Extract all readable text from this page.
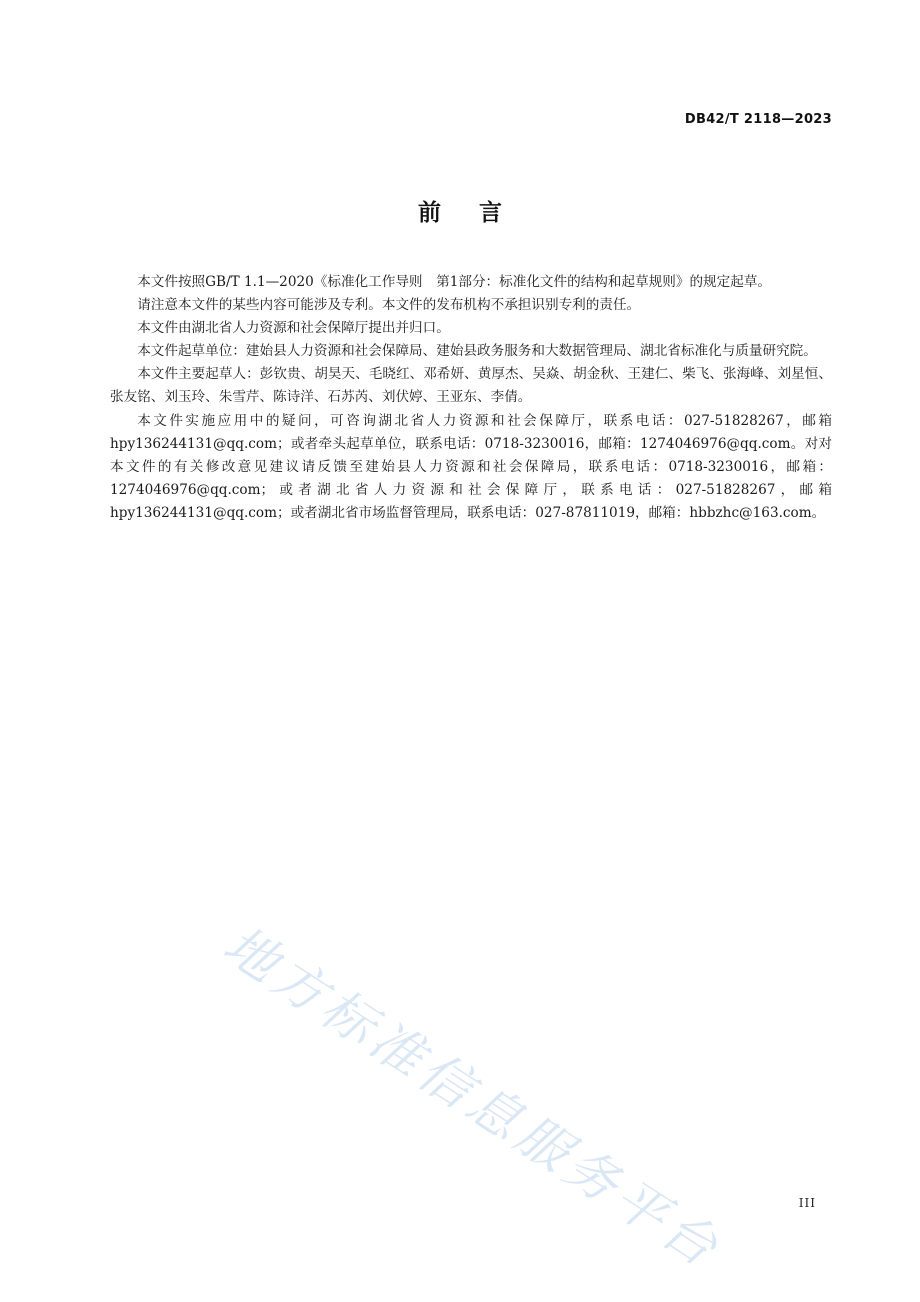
DB42/T 2118—2023
前言

本文件按照GB/T 1.1—2020《标准化工作导则　第1部分：标准化文件的结构和起草规则》的规定起草。

请注意本文件的某些内容可能涉及专利。本文件的发布机构不承担识别专利的责任。

本文件由湖北省人力资源和社会保障厅提出并归口。

本文件起草单位：建始县人力资源和社会保障局、建始县政务服务和大数据管理局、湖北省标准化与质量研究院。

本文件主要起草人：彭钦贵、胡昊天、毛晓红、邓希妍、黄厚杰、吴焱、胡金秋、王建仁、柴飞、张海峰、刘星恒、张友铭、刘玉玲、朱雪芹、陈诗洋、石苏芮、刘伏婷、王亚东、李倩。

本文件实施应用中的疑问，可咨询湖北省人力资源和社会保障厅，联系电话：027-51828267，邮箱hpy136244131@qq.com；或者牵头起草单位，联系电话：0718-3230016，邮箱：1274046976@qq.com。对对本文件的有关修改意见建议请反馈至建始县人力资源和社会保障局，联系电话：0718-3230016，邮箱：1274046976@qq.com；或者湖北省人力资源和社会保障厅，联系电话：027-51828267，邮箱hpy136244131@qq.com；或者湖北省市场监督管理局，联系电话：027-87811019，邮箱：hbbzhc@163.com。

地方标准信息服务平台	III
